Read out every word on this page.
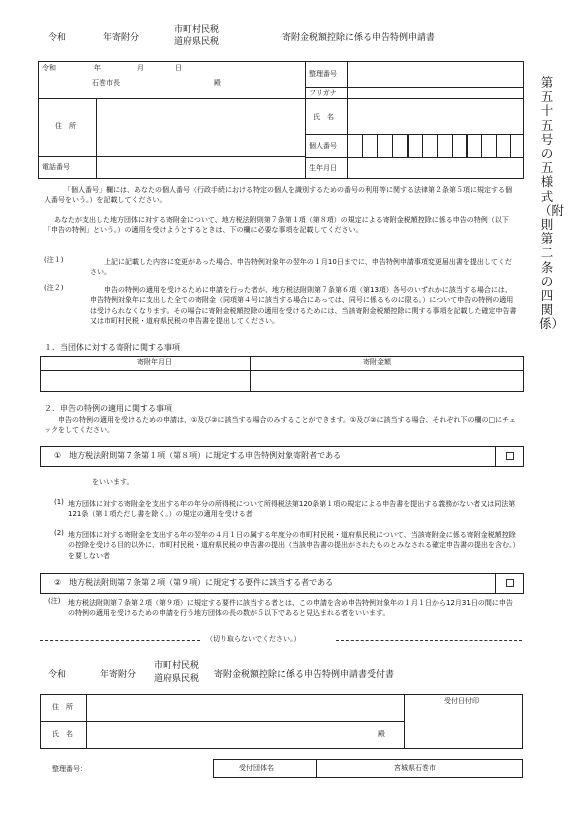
令和	年寄附分
市町村民税
道府県民税	寄附金税額控除に係る申告特例申請書
第五十五号の五様式（附則第二条の四関係）
令和	年	月	日
石巻市長	殿
住　所
電話番号
整理番号
フリガナ
氏　名
個人番号
生年月日
「個人番号」欄には、あなたの個人番号（行政手続における特定の個人を識別するための番号の利用等に関する法律第２条第５項に規定する個人番号をいう。）を記載してください。
あなたが支出した地方団体に対する寄附金について、地方税法附則第７条第１項（第８項）の規定による寄附金税額控除に係る申告の特例（以下「申告の特例」という。）の適用を受けようとするときは、下の欄に必要な事項を記載してください。
(注１)	上記に記載した内容に変更があった場合、申告特例対象年の翌年の１月10日までに、申告特例申請事項変更届出書を提出してください。
(注２)	申告の特例の適用を受けるために申請を行った者が、地方税法附則第７条第６項（第13項）各号のいずれかに該当する場合には、申告特例対象年に支出した全ての寄附金（同項第４号に該当する場合にあっては、同号に係るものに限る。）について申告の特例の適用は受けられなくなります。その場合に寄附金税額控除の適用を受けるためには、当該寄附金税額控除に関する事項を記載した確定申告書又は市町村民税・道府県民税の申告書を提出してください。
１．当団体に対する寄附に関する事項
寄附年月日	寄附金額
２．申告の特例の適用に関する事項
申告の特例の適用を受けるための申請は、①及び②に該当する場合のみすることができます。①及び②に該当する場合、それぞれ下の欄の□にチェックをしてください。
①　地方税法附則第７条第１項（第８項）に規定する申告特例対象寄附者である
をいいます。
(1) 地方団体に対する寄附金を支出する年の年分の所得税について所得税法第120条第１項の規定による申告書を提出する義務がない者又は同法第121条（第１項ただし書を除く。）の規定の適用を受ける者
(2) 地方団体に対する寄附金を支出する年の翌年の４月１日の属する年度分の市町村民税・道府県民税について、当該寄附金に係る寄附金税額控除の控除を受ける目的以外に、市町村民税・道府県民税の申告書の提出（当該申告書の提出がされたものとみなされる確定申告書の提出を含む。）を要しない者
②　地方税法附則第７条第２項（第９項）に規定する要件に該当する者である
(注) 地方税法附則第７条第２項（第９項）に規定する要件に該当する者とは、この申請を含め申告特例対象年の１月１日から12月31日の間に申告の特例の適用を受けるための申請を行う地方団体の長の数が５以下であると見込まれる者をいいます。
（切り取らないでください。）
令和	年寄附分
市町村民税
道府県民税 寄附金税額控除に係る申告特例申請書受付書
住　所
氏　名	殿
受付日付印
整理番号：	受付団体名	宮城県石巻市
